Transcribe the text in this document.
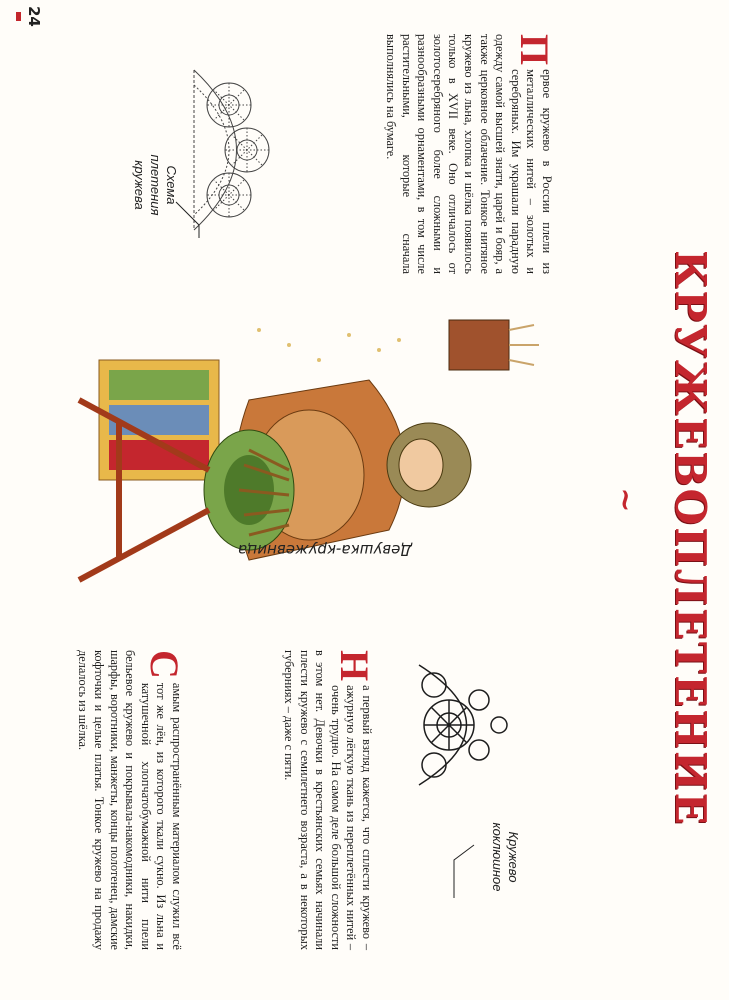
24
КРУЖЕВОПЛЕТЕНИЕ
~
П
ервое кружево в России плели из металлических нитей – золотых и серебряных. Им украшали парадную одежду самой высшей знати, царей и бояр, а также церковное облачение. Тонкое нитяное кружево из льна, хлопка и шёлка появилось только в XVII веке. Оно отличалось от золотосеребряного более сложными и разнообразными орнаментами, в том числе растительными, которые сначала выполнялись на бумаге.
Схема плетения кружева
Девушка-кружевница
Кружево коклюшное
Н
а первый взгляд кажется, что сплести кружево – ажурную лёгкую ткань из переплетённых нитей – очень трудно. На самом деле большой сложности в этом нет. Девочки в крестьянских семьях начинали плести кружево с семилетнего возраста, а в некоторых губерниях – даже с пяти.
С
амым распространённым материалом служил всё тот же лён, из которого ткали сукно. Из льна и катушечной хлопчатобумажной нити плели бельевое кружево и покрывала-накомодники, накидки, шарфы, воротники, манжеты, концы полотенец, дамские кофточки и целые платья. Тонкое кружево на продажу делалось из шёлка.
